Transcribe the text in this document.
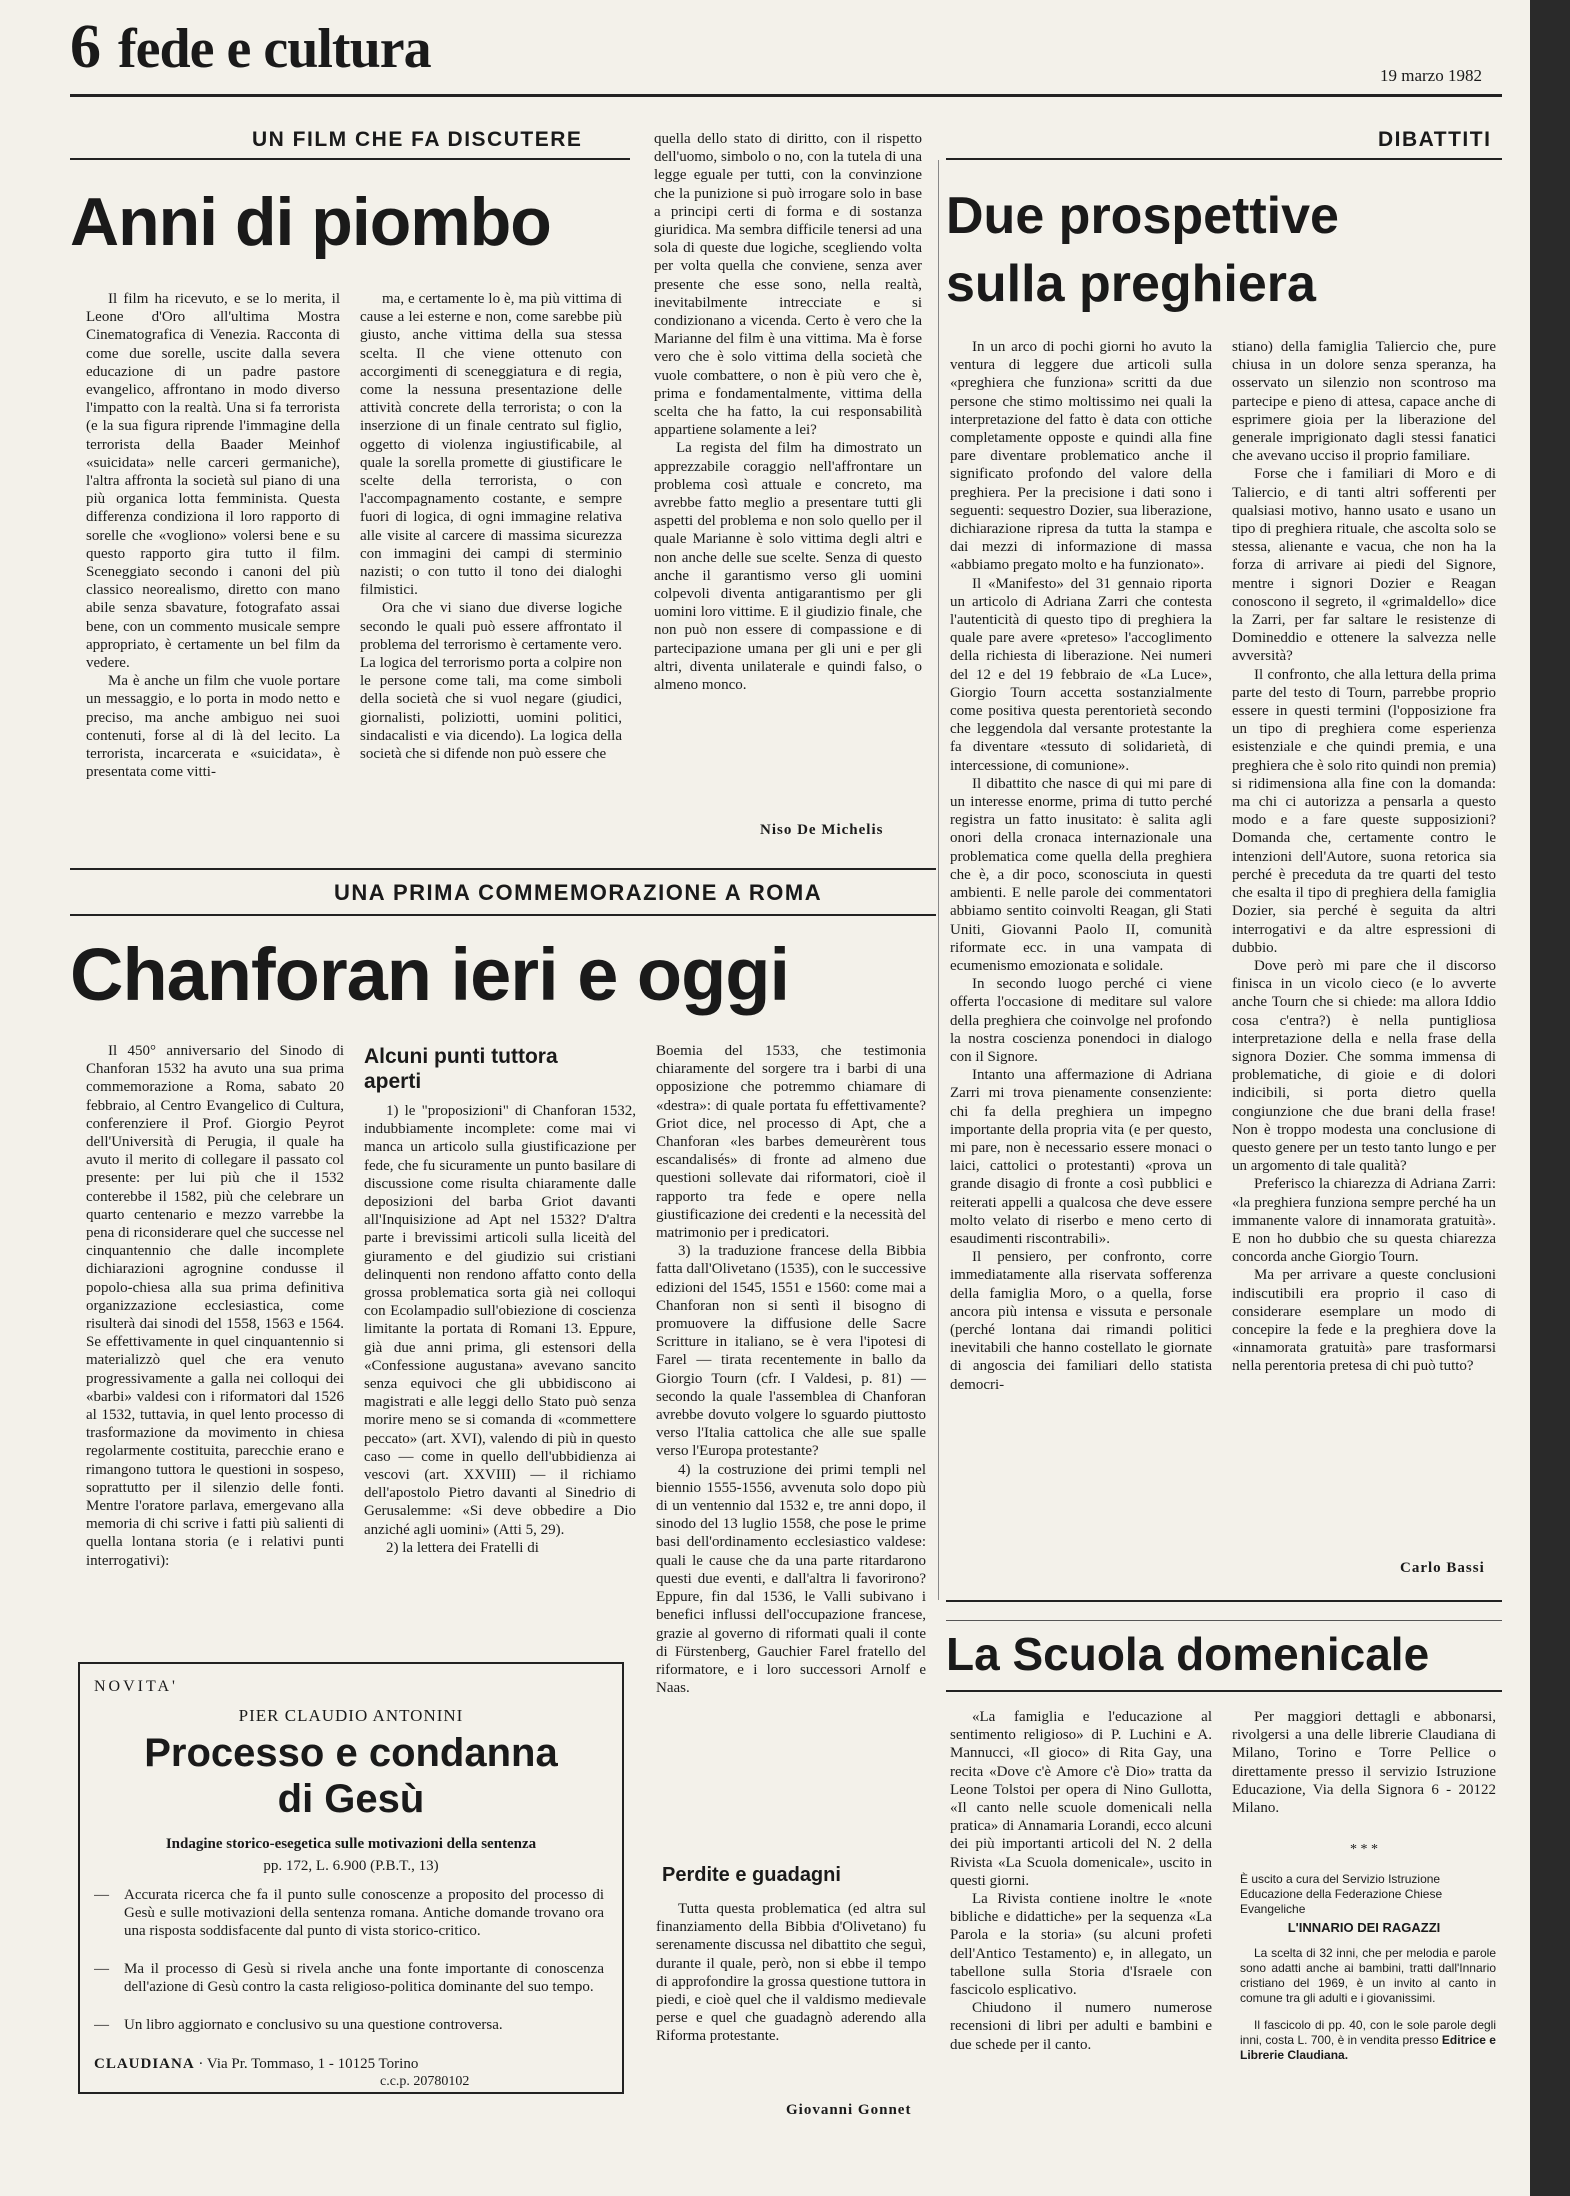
6 fede e cultura	19 marzo 1982
UN FILM CHE FA DISCUTERE
Anni di piombo

Il film ha ricevuto, e se lo merita, il Leone d'Oro all'ultima Mostra Cinematografica di Venezia. Racconta di come due sorelle, uscite dalla severa educazione di un padre pastore evangelico, affrontano in modo diverso l'impatto con la realtà. Una si fa terrorista (e la sua figura riprende l'immagine della terrorista della Baader Meinhof «suicidata» nelle carceri germaniche), l'altra affronta la società sul piano di una più organica lotta femminista. Questa differenza condiziona il loro rapporto di sorelle che «vogliono» volersi bene e su questo rapporto gira tutto il film. Sceneggiato secondo i canoni del più classico neorealismo, diretto con mano abile senza sbavature, fotografato assai bene, con un commento musicale sempre appropriato, è certamente un bel film da vedere.

Ma è anche un film che vuole portare un messaggio, e lo porta in modo netto e preciso, ma anche ambiguo nei suoi contenuti, forse al di là del lecito. La terrorista, incarcerata e «suicidata», è presentata come vitti-

ma, e certamente lo è, ma più vittima di cause a lei esterne e non, come sarebbe più giusto, anche vittima della sua stessa scelta. Il che viene ottenuto con accorgimenti di sceneggiatura e di regia, come la nessuna presentazione delle attività concrete della terrorista; o con la inserzione di un finale centrato sul figlio, oggetto di violenza ingiustificabile, al quale la sorella promette di giustificare le scelte della terrorista, o con l'accompagnamento costante, e sempre fuori di logica, di ogni immagine relativa alle visite al carcere di massima sicurezza con immagini dei campi di sterminio nazisti; o con tutto il tono dei dialoghi filmistici.

Ora che vi siano due diverse logiche secondo le quali può essere affrontato il problema del terrorismo è certamente vero. La logica del terrorismo porta a colpire non le persone come tali, ma come simboli della società che si vuol negare (giudici, giornalisti, poliziotti, uomini politici, sindacalisti e via dicendo). La logica della società che si difende non può essere che

quella dello stato di diritto, con il rispetto dell'uomo, simbolo o no, con la tutela di una legge eguale per tutti, con la convinzione che la punizione si può irrogare solo in base a principi certi di forma e di sostanza giuridica. Ma sembra difficile tenersi ad una sola di queste due logiche, scegliendo volta per volta quella che conviene, senza aver presente che esse sono, nella realtà, inevitabilmente intrecciate e si condizionano a vicenda. Certo è vero che la Marianne del film è una vittima. Ma è forse vero che è solo vittima della società che vuole combattere, o non è più vero che è, prima e fondamentalmente, vittima della scelta che ha fatto, la cui responsabilità appartiene solamente a lei?

La regista del film ha dimostrato un apprezzabile coraggio nell'affrontare un problema così attuale e concreto, ma avrebbe fatto meglio a presentare tutti gli aspetti del problema e non solo quello per il quale Marianne è solo vittima degli altri e non anche delle sue scelte. Senza di questo anche il garantismo verso gli uomini colpevoli diventa antigarantismo per gli uomini loro vittime. E il giudizio finale, che non può non essere di compassione e di partecipazione umana per gli uni e per gli altri, diventa unilaterale e quindi falso, o almeno monco.

Niso De Michelis
DIBATTITI
Due prospettive
sulla preghiera

In un arco di pochi giorni ho avuto la ventura di leggere due articoli sulla «preghiera che funziona» scritti da due persone che stimo moltissimo nei quali la interpretazione del fatto è data con ottiche completamente opposte e quindi alla fine pare diventare problematico anche il significato profondo del valore della preghiera. Per la precisione i dati sono i seguenti: sequestro Dozier, sua liberazione, dichiarazione ripresa da tutta la stampa e dai mezzi di informazione di massa «abbiamo pregato molto e ha funzionato».

Il «Manifesto» del 31 gennaio riporta un articolo di Adriana Zarri che contesta l'autenticità di questo tipo di preghiera la quale pare avere «preteso» l'accoglimento della richiesta di liberazione. Nei numeri del 12 e del 19 febbraio de «La Luce», Giorgio Tourn accetta sostanzialmente come positiva questa perentorietà secondo che leggendola dal versante protestante la fa diventare «tessuto di solidarietà, di intercessione, di comunione».

Il dibattito che nasce di qui mi pare di un interesse enorme, prima di tutto perché registra un fatto inusitato: è salita agli onori della cronaca internazionale una problematica come quella della preghiera che è, a dir poco, sconosciuta in questi ambienti. E nelle parole dei commentatori abbiamo sentito coinvolti Reagan, gli Stati Uniti, Giovanni Paolo II, comunità riformate ecc. in una vampata di ecumenismo emozionata e solidale.

In secondo luogo perché ci viene offerta l'occasione di meditare sul valore della preghiera che coinvolge nel profondo la nostra coscienza ponendoci in dialogo con il Signore.

Intanto una affermazione di Adriana Zarri mi trova pienamente consenziente: chi fa della preghiera un impegno importante della propria vita (e per questo, mi pare, non è necessario essere monaci o laici, cattolici o protestanti) «prova un grande disagio di fronte a così pubblici e reiterati appelli a qualcosa che deve essere molto velato di riserbo e meno certo di esaudimenti riscontrabili».

Il pensiero, per confronto, corre immediatamente alla riservata sofferenza della famiglia Moro, o a quella, forse ancora più intensa e vissuta e personale (perché lontana dai rimandi politici inevitabili che hanno costellato le giornate di angoscia dei familiari dello statista democri-

stiano) della famiglia Taliercio che, pure chiusa in un dolore senza speranza, ha osservato un silenzio non scontroso ma partecipe e pieno di attesa, capace anche di esprimere gioia per la liberazione del generale imprigionato dagli stessi fanatici che avevano ucciso il proprio familiare.

Forse che i familiari di Moro e di Taliercio, e di tanti altri sofferenti per qualsiasi motivo, hanno usato e usano un tipo di preghiera rituale, che ascolta solo se stessa, alienante e vacua, che non ha la forza di arrivare ai piedi del Signore, mentre i signori Dozier e Reagan conoscono il segreto, il «grimaldello» dice la Zarri, per far saltare le resistenze di Domineddio e ottenere la salvezza nelle avversità?

Il confronto, che alla lettura della prima parte del testo di Tourn, parrebbe proprio essere in questi termini (l'opposizione fra un tipo di preghiera come esperienza esistenziale e che quindi premia, e una preghiera che è solo rito quindi non premia) si ridimensiona alla fine con la domanda: ma chi ci autorizza a pensarla a questo modo e a fare queste supposizioni? Domanda che, certamente contro le intenzioni dell'Autore, suona retorica sia perché è preceduta da tre quarti del testo che esalta il tipo di preghiera della famiglia Dozier, sia perché è seguita da altri interrogativi e da altre espressioni di dubbio.

Dove però mi pare che il discorso finisca in un vicolo cieco (e lo avverte anche Tourn che si chiede: ma allora Iddio cosa c'entra?) è nella puntigliosa interpretazione della e nella frase della signora Dozier. Che somma immensa di problematiche, di gioie e di dolori indicibili, si porta dietro quella congiunzione che due brani della frase! Non è troppo modesta una conclusione di questo genere per un testo tanto lungo e per un argomento di tale qualità?

Preferisco la chiarezza di Adriana Zarri: «la preghiera funziona sempre perché ha un immanente valore di innamorata gratuità». E non ho dubbio che su questa chiarezza concorda anche Giorgio Tourn.

Ma per arrivare a queste conclusioni indiscutibili era proprio il caso di considerare esemplare un modo di concepire la fede e la preghiera dove la «innamorata gratuità» pare trasformarsi nella perentoria pretesa di chi può tutto?

Carlo Bassi
UNA PRIMA COMMEMORAZIONE A ROMA
Chanforan ieri e oggi

Il 450° anniversario del Sinodo di Chanforan 1532 ha avuto una sua prima commemorazione a Roma, sabato 20 febbraio, al Centro Evangelico di Cultura, conferenziere il Prof. Giorgio Peyrot dell'Università di Perugia, il quale ha avuto il merito di collegare il passato col presente: per lui più che il 1532 conterebbe il 1582, più che celebrare un quarto centenario e mezzo varrebbe la pena di riconsiderare quel che successe nel cinquantennio che dalle incomplete dichiarazioni agrognine condusse il popolo-chiesa alla sua prima definitiva organizzazione ecclesiastica, come risulterà dai sinodi del 1558, 1563 e 1564. Se effettivamente in quel cinquantennio si materializzò quel che era venuto progressivamente a galla nei colloqui dei «barbi» valdesi con i riformatori dal 1526 al 1532, tuttavia, in quel lento processo di trasformazione da movimento in chiesa regolarmente costituita, parecchie erano e rimangono tuttora le questioni in sospeso, soprattutto per il silenzio delle fonti. Mentre l'oratore parlava, emergevano alla memoria di chi scrive i fatti più salienti di quella lontana storia (e i relativi punti interrogativi):

Alcuni punti tuttora aperti

1) le "proposizioni" di Chanforan 1532, indubbiamente incomplete: come mai vi manca un articolo sulla giustificazione per fede, che fu sicuramente un punto basilare di discussione come risulta chiaramente dalle deposizioni del barba Griot davanti all'Inquisizione ad Apt nel 1532? D'altra parte i brevissimi articoli sulla liceità del giuramento e del giudizio sui cristiani delinquenti non rendono affatto conto della grossa problematica sorta già nei colloqui con Ecolampadio sull'obiezione di coscienza limitante la portata di Romani 13. Eppure, già due anni prima, gli estensori della «Confessione augustana» avevano sancito senza equivoci che gli ubbidiscono ai magistrati e alle leggi dello Stato può senza morire meno se si comanda di «commettere peccato» (art. XVI), valendo di più in questo caso — come in quello dell'ubbidienza ai vescovi (art. XXVIII) — il richiamo dell'apostolo Pietro davanti al Sinedrio di Gerusalemme: «Si deve obbedire a Dio anziché agli uomini» (Atti 5, 29).

2) la lettera dei Fratelli di

Boemia del 1533, che testimonia chiaramente del sorgere tra i barbi di una opposizione che potremmo chiamare di «destra»: di quale portata fu effettivamente? Griot dice, nel processo di Apt, che a Chanforan «les barbes demeurèrent tous escandalisés» di fronte ad almeno due questioni sollevate dai riformatori, cioè il rapporto tra fede e opere nella giustificazione dei credenti e la necessità del matrimonio per i predicatori.

3) la traduzione francese della Bibbia fatta dall'Olivetano (1535), con le successive edizioni del 1545, 1551 e 1560: come mai a Chanforan non si sentì il bisogno di promuovere la diffusione delle Sacre Scritture in italiano, se è vera l'ipotesi di Farel — tirata recentemente in ballo da Giorgio Tourn (cfr. I Valdesi, p. 81) — secondo la quale l'assemblea di Chanforan avrebbe dovuto volgere lo sguardo piuttosto verso l'Italia cattolica che alle sue spalle verso l'Europa protestante?

4) la costruzione dei primi templi nel biennio 1555-1556, avvenuta solo dopo più di un ventennio dal 1532 e, tre anni dopo, il sinodo del 13 luglio 1558, che pose le prime basi dell'ordinamento ecclesiastico valdese: quali le cause che da una parte ritardarono questi due eventi, e dall'altra li favorirono? Eppure, fin dal 1536, le Valli subivano i benefici influssi dell'occupazione francese, grazie al governo di riformati quali il conte di Fürstenberg, Gauchier Farel fratello del riformatore, e i loro successori Arnolf e Naas.

Perdite e guadagni

Tutta questa problematica (ed altra sul finanziamento della Bibbia d'Olivetano) fu serenamente discussa nel dibattito che seguì, durante il quale, però, non si ebbe il tempo di approfondire la grossa questione tuttora in piedi, e cioè quel che il valdismo medievale perse e quel che guadagnò aderendo alla Riforma protestante.

Giovanni Gonnet
NOVITA'
PIER CLAUDIO ANTONINI
Processo e condanna
di Gesù
Indagine storico-esegetica sulle motivazioni della sentenza
pp. 172, L. 6.900 (P.B.T., 13)
—	Accurata ricerca che fa il punto sulle conoscenze a proposito del processo di Gesù e sulle motivazioni della sentenza romana. Antiche domande trovano ora una risposta soddisfacente dal punto di vista storico-critico.
—	Ma il processo di Gesù si rivela anche una fonte importante di conoscenza dell'azione di Gesù contro la casta religioso-politica dominante del suo tempo.
—	Un libro aggiornato e conclusivo su una questione controversa.
CLAUDIANA · Via Pr. Tommaso, 1 - 10125 Torino
c.c.p. 20780102
La Scuola domenicale

«La famiglia e l'educazione al sentimento religioso» di P. Luchini e A. Mannucci, «Il gioco» di Rita Gay, una recita «Dove c'è Amore c'è Dio» tratta da Leone Tolstoi per opera di Nino Gullotta, «Il canto nelle scuole domenicali nella pratica» di Annamaria Lorandi, ecco alcuni dei più importanti articoli del N. 2 della Rivista «La Scuola domenicale», uscito in questi giorni.

La Rivista contiene inoltre le «note bibliche e didattiche» per la sequenza «La Parola e la storia» (su alcuni profeti dell'Antico Testamento) e, in allegato, un tabellone sulla Storia d'Israele con fascicolo esplicativo.

Chiudono il numero numerose recensioni di libri per adulti e bambini e due schede per il canto.

Per maggiori dettagli e abbonarsi, rivolgersi a una delle librerie Claudiana di Milano, Torino e Torre Pellice o direttamente presso il servizio Istruzione Educazione, Via della Signora 6 - 20122 Milano.

* * *
È uscito a cura del Servizio Istruzione Educazione della Federazione Chiese Evangeliche
L'INNARIO DEI RAGAZZI
La scelta di 32 inni, che per melodia e parole sono adatti anche ai bambini, tratti dall'Innario cristiano del 1969, è un invito al canto in comune tra gli adulti e i giovanissimi.
Il fascicolo di pp. 40, con le sole parole degli inni, costa L. 700, è in vendita presso Editrice e Librerie Claudiana.
